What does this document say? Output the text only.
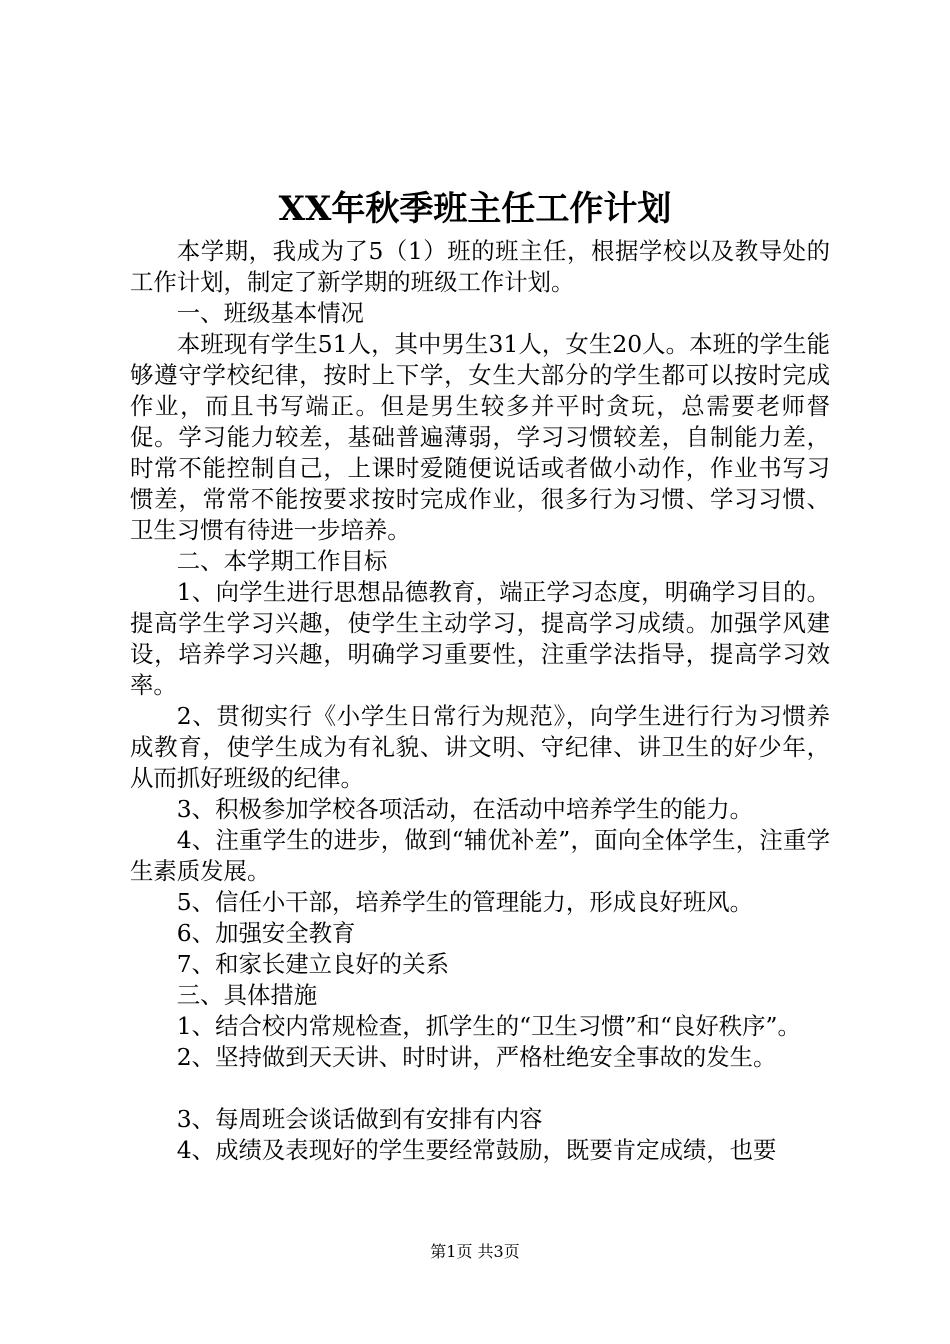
XX年秋季班主任工作计划

本学期，我成为了5（1）班的班主任，根据学校以及教导处的工作计划，制定了新学期的班级工作计划。

一、班级基本情况

本班现有学生51人，其中男生31人，女生20人。本班的学生能够遵守学校纪律，按时上下学，女生大部分的学生都可以按时完成作业，而且书写端正。但是男生较多并平时贪玩，总需要老师督促。学习能力较差，基础普遍薄弱，学习习惯较差，自制能力差，时常不能控制自己，上课时爱随便说话或者做小动作，作业书写习惯差，常常不能按要求按时完成作业，很多行为习惯、学习习惯、卫生习惯有待进一步培养。

二、本学期工作目标

1、向学生进行思想品德教育，端正学习态度，明确学习目的。提高学生学习兴趣，使学生主动学习，提高学习成绩。加强学风建设，培养学习兴趣，明确学习重要性，注重学法指导，提高学习效率。

2、贯彻实行《小学生日常行为规范》，向学生进行行为习惯养成教育，使学生成为有礼貌、讲文明、守纪律、讲卫生的好少年，从而抓好班级的纪律。

3、积极参加学校各项活动，在活动中培养学生的能力。

4、注重学生的进步，做到“辅优补差”，面向全体学生，注重学生素质发展。

5、信任小干部，培养学生的管理能力，形成良好班风。

6、加强安全教育

7、和家长建立良好的关系

三、具体措施

1、结合校内常规检查，抓学生的“卫生习惯”和“良好秩序”。

2、坚持做到天天讲、时时讲，严格杜绝安全事故的发生。

3、每周班会谈话做到有安排有内容

4、成绩及表现好的学生要经常鼓励，既要肯定成绩，也要

第1页 共3页
